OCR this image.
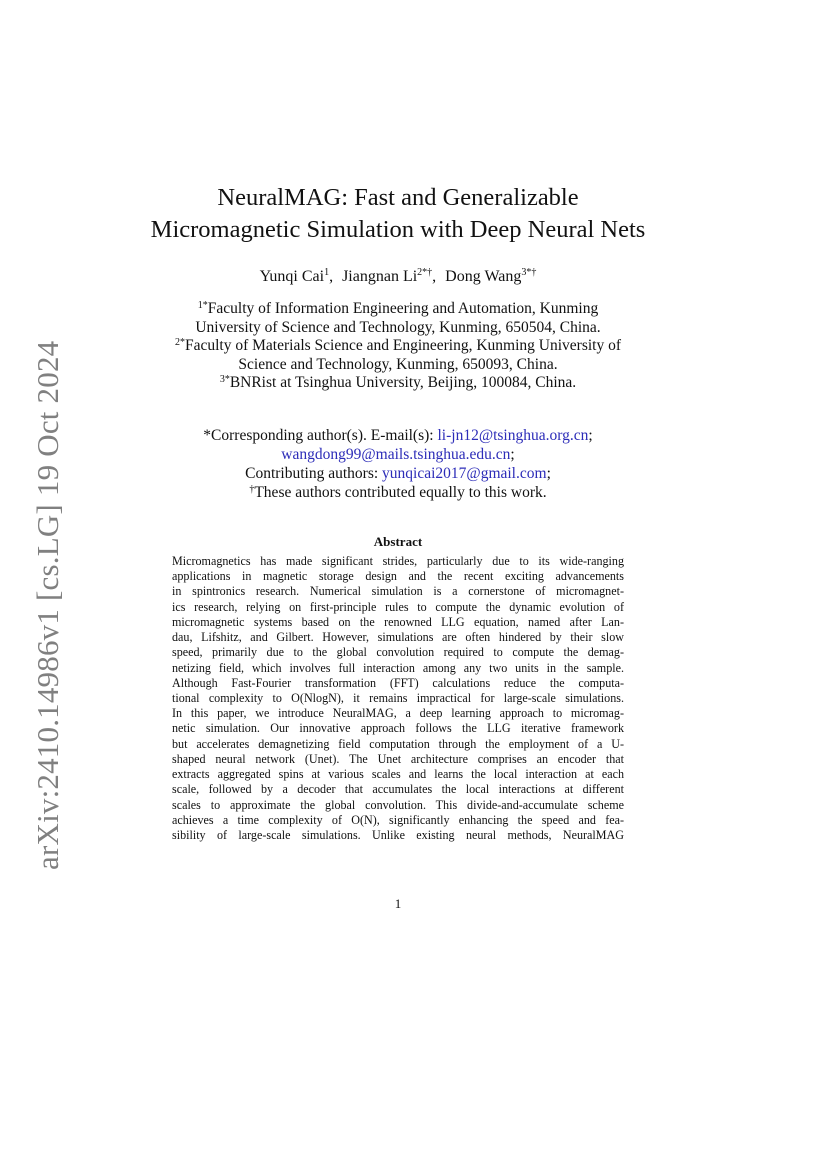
arXiv:2410.14986v1 [cs.LG] 19 Oct 2024
NeuralMAG: Fast and Generalizable
Micromagnetic Simulation with Deep Neural Nets
Yunqi Cai$^1$, Jiangnan $Li^{2*\dagger}$, Dong Wang$^{3*\dagger}$
$^{1*}$Faculty of Information Engineering and Automation, Kunming
University of Science and Technology, Kunming, 650504, China.
$^{2*}$Faculty of Materials Science and Engineering, Kunming University of
Science and Technology, Kunming, 650093, China.
$^{3*}$BNRist at Tsinghua University, Beijing, 100084, China.
*Corresponding author(s). E-mail(s): li-jn12@tsinghua.org.cn;
wangdong99@mails.tsinghua.edu.cn;
Contributing authors: yunqicai2017@gmail.com;
†These authors contributed equally to this work.
Abstract
Micromagnetics has made significant strides, particularly due to its wide-ranging
applications in magnetic storage design and the recent exciting advancements
in spintronics research. Numerical simulation is a cornerstone of micromagnet-
ics research, relying on first-principle rules to compute the dynamic evolution of
micromagnetic systems based on the renowned LLG equation, named after Lan-
dau, Lifshitz, and Gilbert. However, simulations are often hindered by their slow
speed, primarily due to the global convolution required to compute the demag-
netizing field, which involves full interaction among any two units in the sample.
Although Fast-Fourier transformation (FFT) calculations reduce the computa-
tional complexity to O(NlogN), it remains impractical for large-scale simulations.
In this paper, we introduce NeuralMAG, a deep learning approach to micromag-
netic simulation. Our innovative approach follows the LLG iterative framework
but accelerates demagnetizing field computation through the employment of a U-
shaped neural network (Unet). The Unet architecture comprises an encoder that
extracts aggregated spins at various scales and learns the local interaction at each
scale, followed by a decoder that accumulates the local interactions at different
scales to approximate the global convolution. This divide-and-accumulate scheme
achieves a time complexity of O(N), significantly enhancing the speed and fea-
sibility of large-scale simulations. Unlike existing neural methods, NeuralMAG
1
